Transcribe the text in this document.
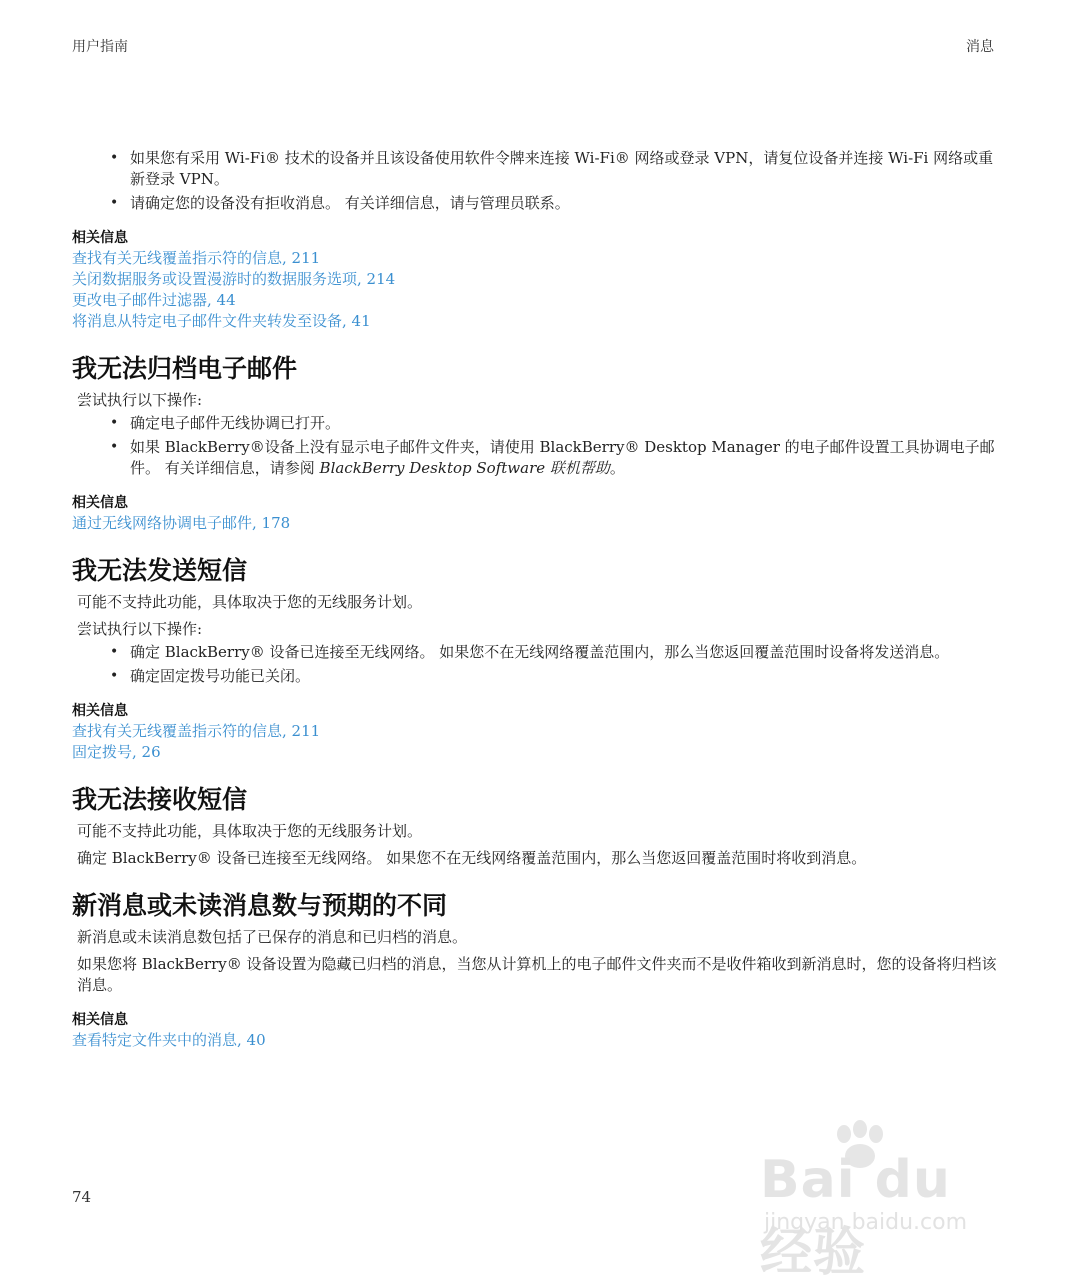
用户指南	消息
• 如果您有采用 Wi-Fi® 技术的设备并且该设备使用软件令牌来连接 Wi-Fi® 网络或登录 VPN，请复位设备并连接 Wi-Fi 网络或重新登录 VPN。
• 请确定您的设备没有拒收消息。 有关详细信息，请与管理员联系。
相关信息
查找有关无线覆盖指示符的信息, 211
关闭数据服务或设置漫游时的数据服务选项, 214
更改电子邮件过滤器, 44
将消息从特定电子邮件文件夹转发至设备, 41
我无法归档电子邮件
尝试执行以下操作:
• 确定电子邮件无线协调已打开。
• 如果 BlackBerry®设备上没有显示电子邮件文件夹，请使用 BlackBerry® Desktop Manager 的电子邮件设置工具协调电子邮件。 有关详细信息，请参阅 BlackBerry Desktop Software 联机帮助。
相关信息
通过无线网络协调电子邮件, 178
我无法发送短信
可能不支持此功能，具体取决于您的无线服务计划。
尝试执行以下操作:
• 确定 BlackBerry® 设备已连接至无线网络。 如果您不在无线网络覆盖范围内，那么当您返回覆盖范围时设备将发送消息。
• 确定固定拨号功能已关闭。
相关信息
查找有关无线覆盖指示符的信息, 211
固定拨号, 26
我无法接收短信
可能不支持此功能，具体取决于您的无线服务计划。
确定 BlackBerry® 设备已连接至无线网络。 如果您不在无线网络覆盖范围内，那么当您返回覆盖范围时将收到消息。
新消息或未读消息数与预期的不同
新消息或未读消息数包括了已保存的消息和已归档的消息。
如果您将 BlackBerry® 设备设置为隐藏已归档的消息，当您从计算机上的电子邮件文件夹而不是收件箱收到新消息时，您的设备将归档该消息。
相关信息
查看特定文件夹中的消息, 40
74	Bai du 经验
jingyan.baidu.com
